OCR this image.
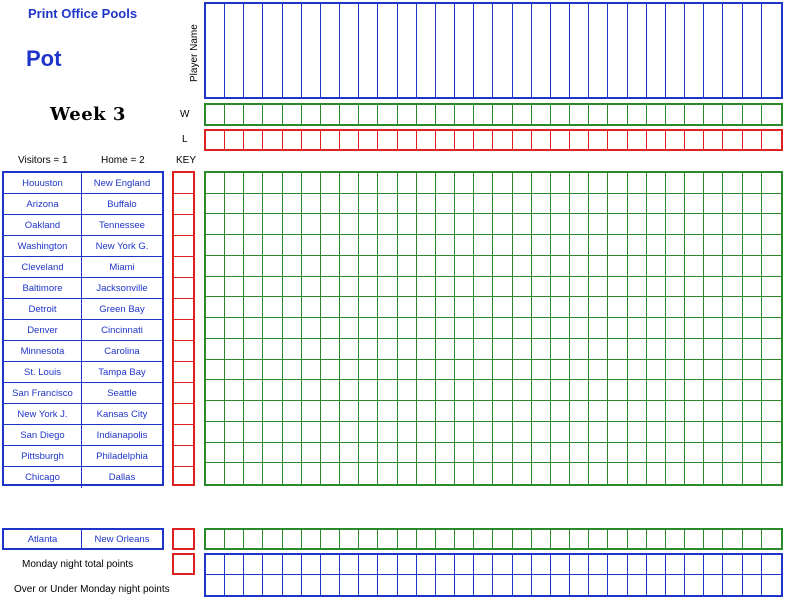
Print Office Pools
Pot
Week 3
Player Name
W
L
Visitors = 1	Home = 2	KEY
Houuston	New England
Arizona	Buffalo
Oakland	Tennessee
Washington	New York G.
Cleveland	Miami
Baltimore	Jacksonville
Detroit	Green Bay
Denver	Cincinnati
Minnesota	Carolina
St. Louis	Tampa Bay
San Francisco	Seattle
New York J.	Kansas City
San Diego	Indianapolis
Pittsburgh	Philadelphia
Chicago	Dallas
Atlanta	New Orleans
Monday night total points
Over or Under Monday night points
